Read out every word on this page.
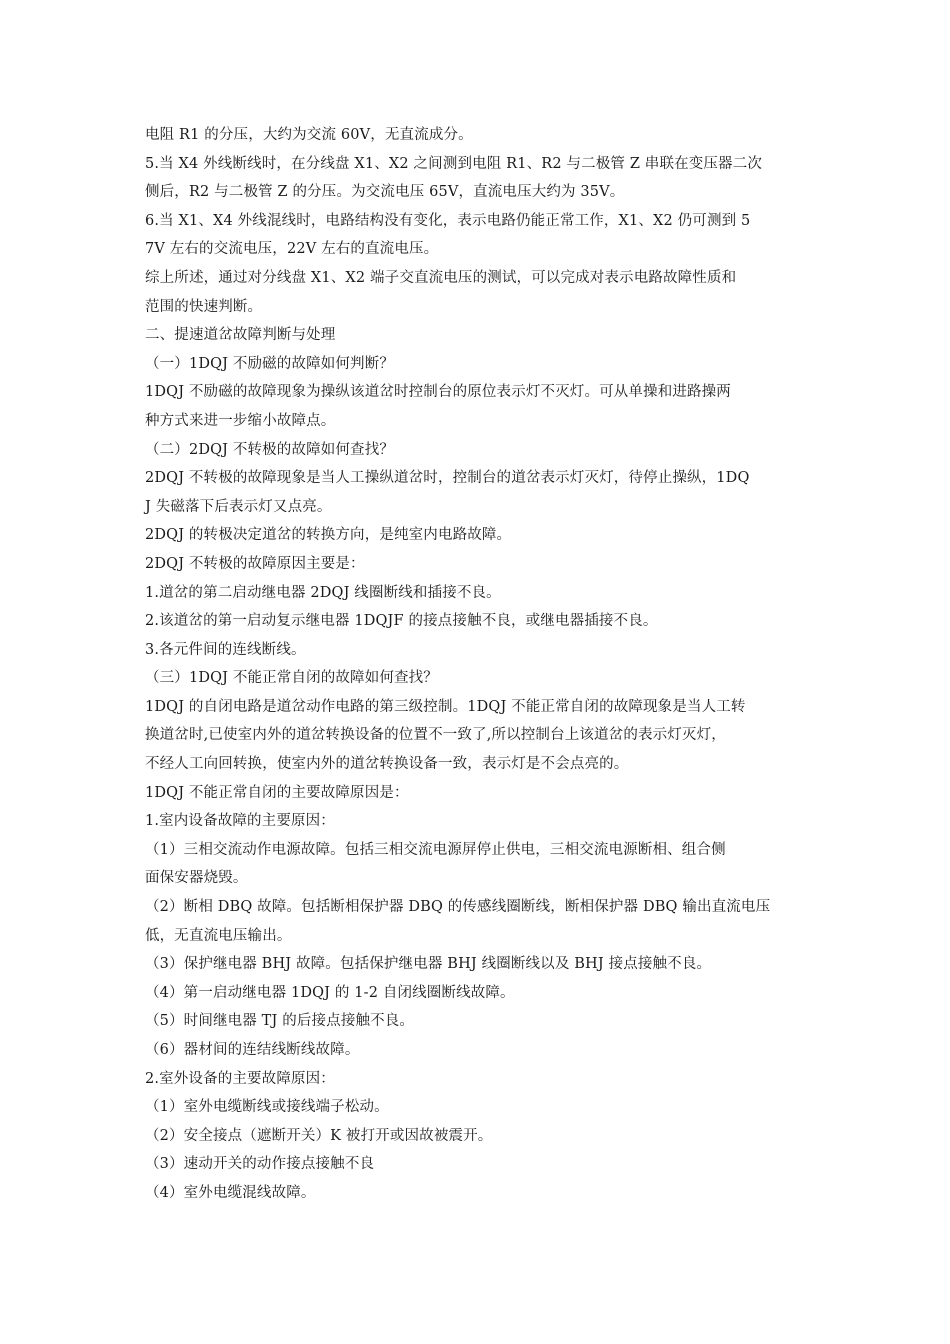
电阻 R1 的分压，大约为交流 60V，无直流成分。
5.当 X4 外线断线时，在分线盘 X1、X2 之间测到电阻 R1、R2 与二极管 Z 串联在变压器二次
侧后，R2 与二极管 Z 的分压。为交流电压 65V，直流电压大约为 35V。
6.当 X1、X4 外线混线时，电路结构没有变化，表示电路仍能正常工作，X1、X2 仍可测到 5
7V 左右的交流电压，22V 左右的直流电压。
综上所述，通过对分线盘 X1、X2 端子交直流电压的测试，可以完成对表示电路故障性质和
范围的快速判断。
二、提速道岔故障判断与处理
（一）1DQJ 不励磁的故障如何判断？
1DQJ 不励磁的故障现象为操纵该道岔时控制台的原位表示灯不灭灯。可从单操和进路操两
种方式来进一步缩小故障点。
（二）2DQJ 不转极的故障如何查找？
2DQJ 不转极的故障现象是当人工操纵道岔时，控制台的道岔表示灯灭灯，待停止操纵，1DQ
J 失磁落下后表示灯又点亮。
2DQJ 的转极决定道岔的转换方向，是纯室内电路故障。
2DQJ 不转极的故障原因主要是：
1.道岔的第二启动继电器 2DQJ 线圈断线和插接不良。
2.该道岔的第一启动复示继电器 1DQJF 的接点接触不良，或继电器插接不良。
3.各元件间的连线断线。
（三）1DQJ 不能正常自闭的故障如何查找？
1DQJ 的自闭电路是道岔动作电路的第三级控制。1DQJ 不能正常自闭的故障现象是当人工转
换道岔时,已使室内外的道岔转换设备的位置不一致了,所以控制台上该道岔的表示灯灭灯，
不经人工向回转换，使室内外的道岔转换设备一致，表示灯是不会点亮的。
1DQJ 不能正常自闭的主要故障原因是：
1.室内设备故障的主要原因：
（1）三相交流动作电源故障。包括三相交流电源屏停止供电，三相交流电源断相、组合侧
面保安器烧毁。
（2）断相 DBQ 故障。包括断相保护器 DBQ 的传感线圈断线，断相保护器 DBQ 输出直流电压
低，无直流电压输出。
（3）保护继电器 BHJ 故障。包括保护继电器 BHJ 线圈断线以及 BHJ 接点接触不良。
（4）第一启动继电器 1DQJ 的 1-2 自闭线圈断线故障。
（5）时间继电器 TJ 的后接点接触不良。
（6）器材间的连结线断线故障。
2.室外设备的主要故障原因：
（1）室外电缆断线或接线端子松动。
（2）安全接点（遮断开关）K 被打开或因故被震开。
（3）速动开关的动作接点接触不良
（4）室外电缆混线故障。
